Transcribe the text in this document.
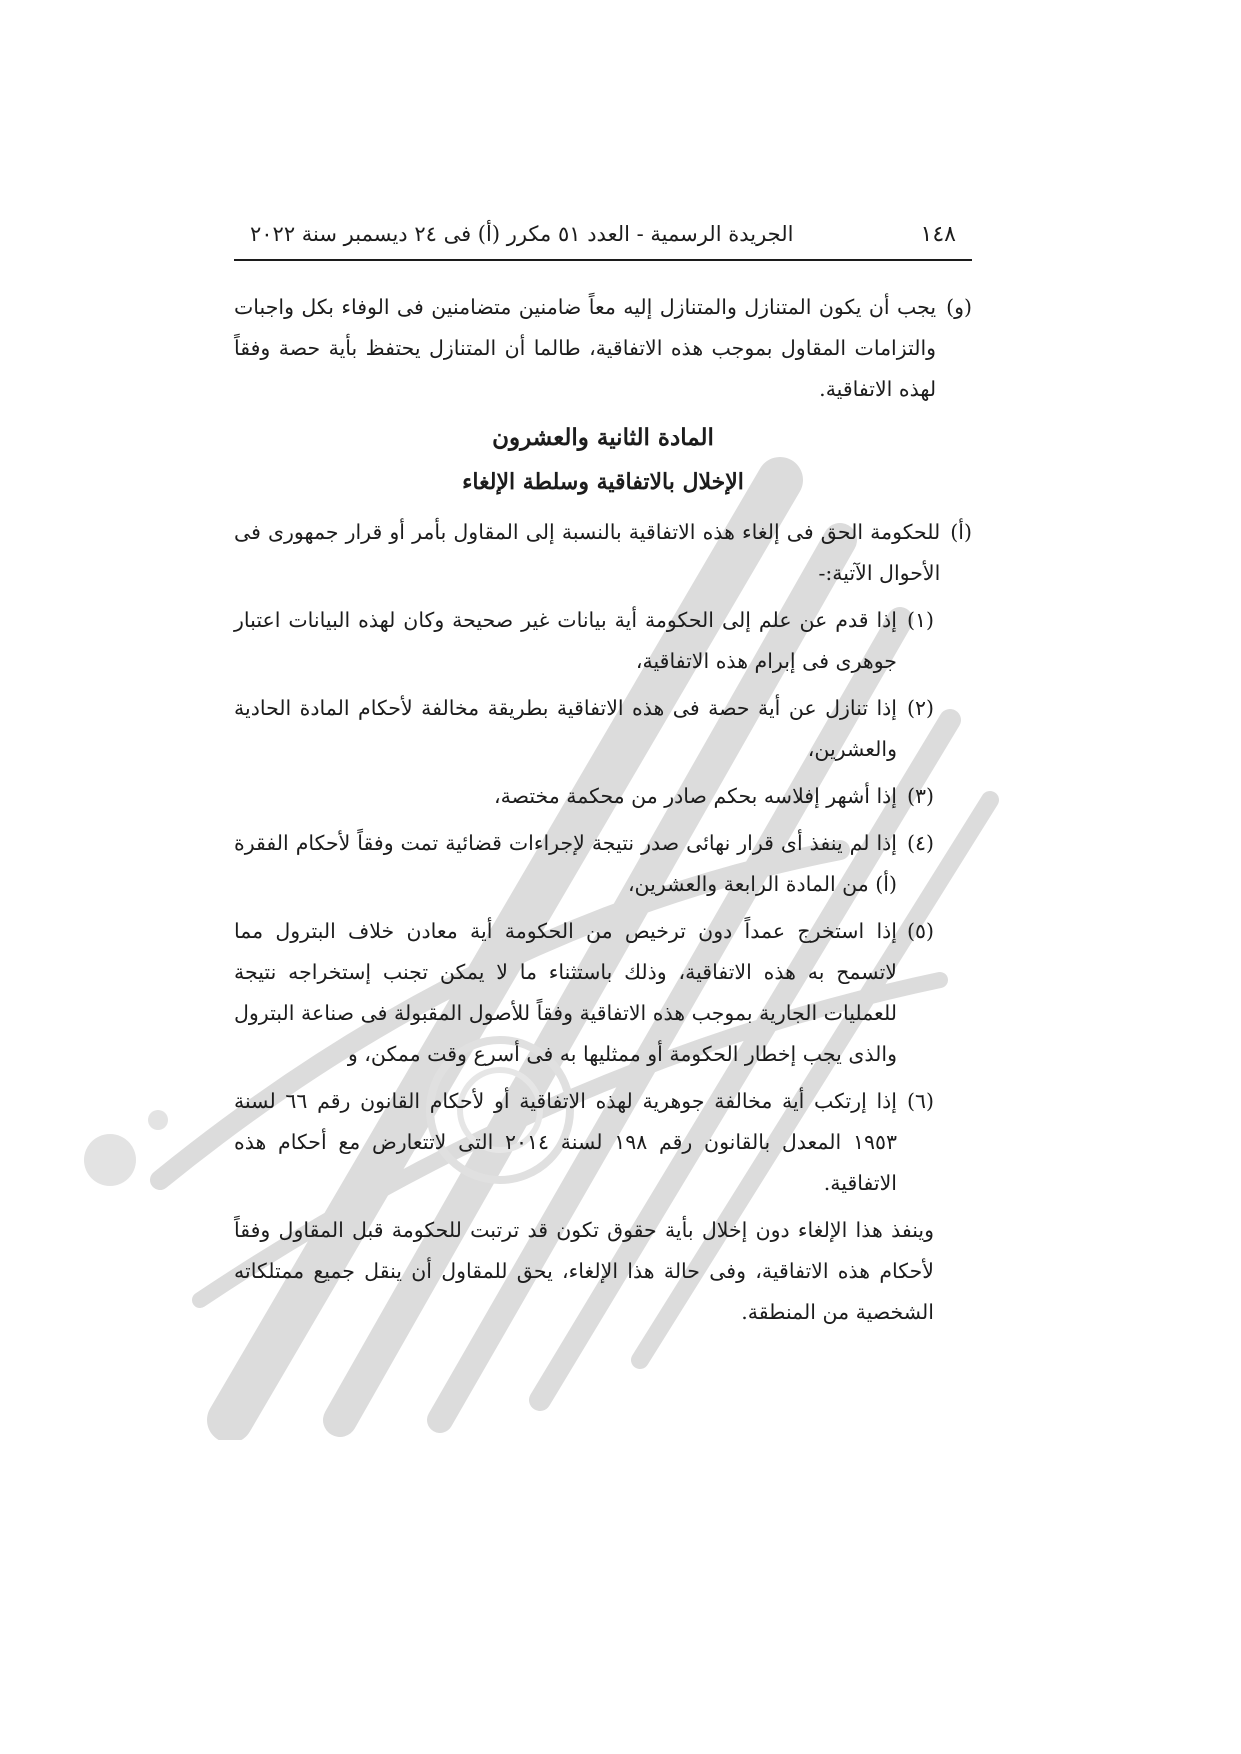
١٤٨
الجريدة الرسمية - العدد ٥١ مكرر (أ) فى ٢٤ ديسمبر سنة ٢٠٢٢
(و)

يجب أن يكون المتنازل والمتنازل إليه معاً ضامنين متضامنين فى الوفاء بكل واجبات والتزامات المقاول بموجب هذه الاتفاقية، طالما أن المتنازل يحتفظ بأية حصة وفقاً لهذه الاتفاقية.

المادة الثانية والعشرون

الإخلال بالاتفاقية وسلطة الإلغاء

(أ)

للحكومة الحق فى إلغاء هذه الاتفاقية بالنسبة إلى المقاول بأمر أو قرار جمهورى فى الأحوال الآتية:-

(١)

إذا قدم عن علم إلى الحكومة أية بيانات غير صحيحة وكان لهذه البيانات اعتبار جوهرى فى إبرام هذه الاتفاقية،

(٢)

إذا تنازل عن أية حصة فى هذه الاتفاقية بطريقة مخالفة لأحكام المادة الحادية والعشرين،

(٣)

إذا أشهر إفلاسه بحكم صادر من محكمة مختصة،

(٤)

إذا لم ينفذ أى قرار نهائى صدر نتيجة لإجراءات قضائية تمت وفقاً لأحكام الفقرة (أ) من المادة الرابعة والعشرين،

(٥)

إذا استخرج عمداً دون ترخيص من الحكومة أية معادن خلاف البترول مما لاتسمح به هذه الاتفاقية، وذلك باستثناء ما لا يمكن تجنب إستخراجه نتيجة للعمليات الجارية بموجب هذه الاتفاقية وفقاً للأصول المقبولة فى صناعة البترول والذى يجب إخطار الحكومة أو ممثليها به فى أسرع وقت ممكن، و

(٦)

إذا إرتكب أية مخالفة جوهرية لهذه الاتفاقية أو لأحكام القانون رقم ٦٦ لسنة ١٩٥٣ المعدل بالقانون رقم ١٩٨ لسنة ٢٠١٤ التى لاتتعارض مع أحكام هذه الاتفاقية.

وينفذ هذا الإلغاء دون إخلال بأية حقوق تكون قد ترتبت للحكومة قبل المقاول وفقاً لأحكام هذه الاتفاقية، وفى حالة هذا الإلغاء، يحق للمقاول أن ينقل جميع ممتلكاته الشخصية من المنطقة.
